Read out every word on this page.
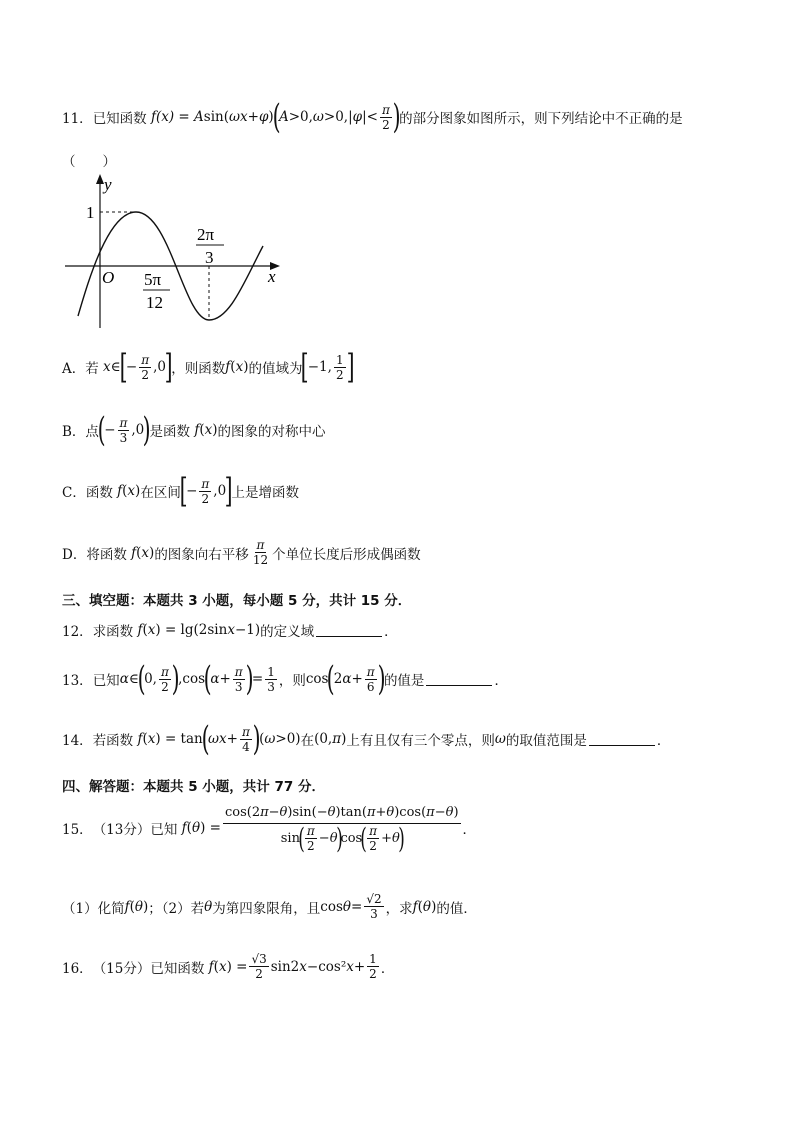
11． 已知函数 f(x) = A sin( ωx + φ )
(
A >0, ω >0,| φ |< $\frac{\pi}{2}$ )
的部分图象如图所示，则下列结论中不正确的是
（　　）
y
x
O
1
5π
12
2π
3
A．若 x ∈
[
− $\frac{\pi}{2} ,0$
]
，则函数 f ( x ) 的值域为
[
−1, $\frac{1}{2}$ ]
B．点
(
− $\frac{\pi}{3} ,0$
)
是函数 f ( x ) 的图象的对称中心
C．函数 f ( x ) 在区间
[
− $\frac{\pi}{2} ,0$
]
上是增函数
D．将函数 f ( x ) 的图象向右平移 $\frac{\pi}{12}$ 个单位长度后形成偶函数
三、填空题：本题共 3 小题，每小题 5 分，共计 15 分．
12． 求函数 f ( x ) = lg(2sin x −1) 的定义域	．
13． 已知 α ∈
(
0, $\frac{\pi}{2}$ )
,cos
(
$\alpha + \frac{\pi}{3}$ )
= $\frac{1}{3}$ ，则 cos
(
2 $\alpha + \frac{\pi}{6}$ )
的值是	．
14． 若函数 f ( x ) = tan
(
$\omega x + \frac{\pi}{4}$ )
( ω >0) 在 (0, π ) 上有且仅有三个零点，则 ω 的取值范围是	．
四、解答题：本题共 5 小题，共计 77 分．
15． （13分） 已知 f ( θ ) = cos(2π−θ)sin(−θ)tan(π+θ)cos(π−θ)
sin
( $\frac{\pi}{2} - \theta$
)
cos
( $\frac{\pi}{2} + \theta$
) ．
（1）化简 f ( θ ) ；（2）若 θ 为第四象限角，且 $\cos \theta = \frac{√2}{3}$ ，求 f ( θ ) 的值．
16． （15分） 已知函数 f ( x ) = $\frac{√3}{2} \sin 2$ x −cos² $x + \frac{1}{2}$ ．
